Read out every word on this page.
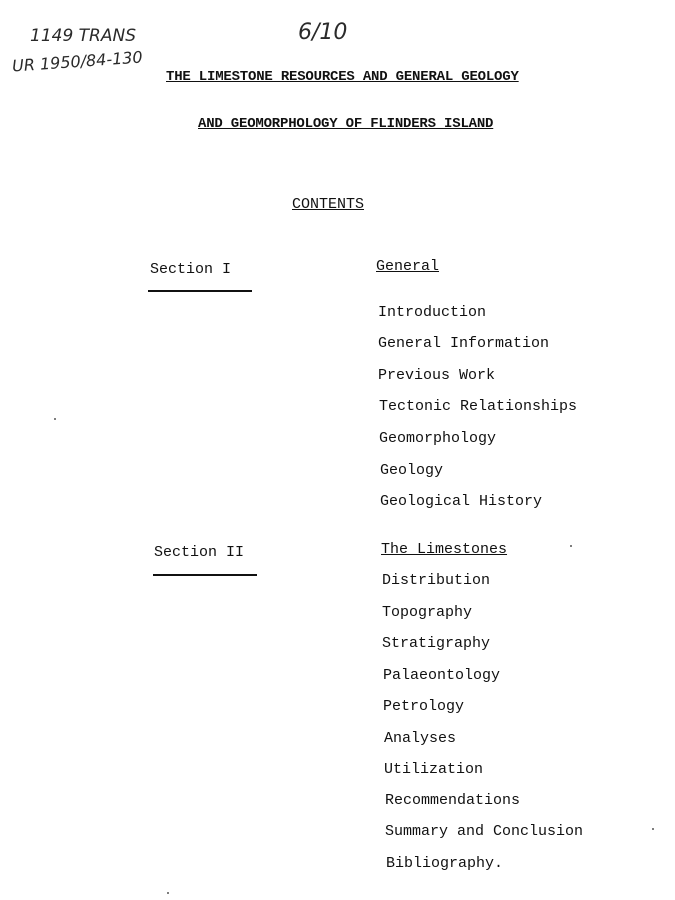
1149 TRANS
UR 1950/84-130
6/10
THE LIMESTONE RESOURCES AND GENERAL GEOLOGY
AND GEOMORPHOLOGY OF FLINDERS ISLAND
CONTENTS
Section I	General
Introduction
General Information
Previous Work
Tectonic Relationships
Geomorphology
Geology
Geological History
Section II	The Limestones
Distribution
Topography
Stratigraphy
Palaeontology
Petrology
Analyses
Utilization
Recommendations
Summary and Conclusion
Bibliography.
